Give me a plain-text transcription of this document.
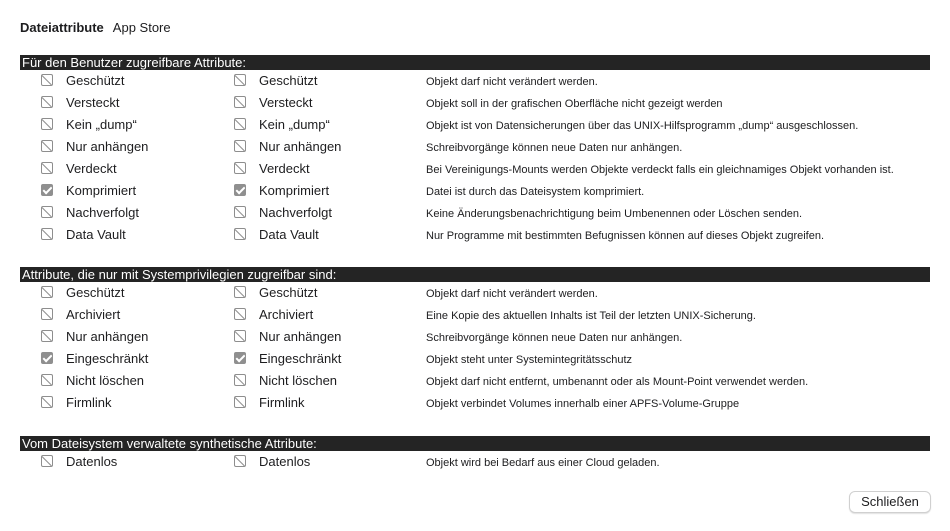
Dateiattribute App Store
Für den Benutzer zugreifbare Attribute:
Geschützt	Geschützt	Objekt darf nicht verändert werden.
Versteckt	Versteckt	Objekt soll in der grafischen Oberfläche nicht gezeigt werden
Kein „dump“	Kein „dump“	Objekt ist von Datensicherungen über das UNIX-Hilfsprogramm „dump“ ausgeschlossen.
Nur anhängen	Nur anhängen	Schreibvorgänge können neue Daten nur anhängen.
Verdeckt	Verdeckt	Bei Vereinigungs-Mounts werden Objekte verdeckt falls ein gleichnamiges Objekt vorhanden ist.
Komprimiert	Komprimiert	Datei ist durch das Dateisystem komprimiert.
Nachverfolgt	Nachverfolgt	Keine Änderungsbenachrichtigung beim Umbenennen oder Löschen senden.
Data Vault	Data Vault	Nur Programme mit bestimmten Befugnissen können auf dieses Objekt zugreifen.
Attribute, die nur mit Systemprivilegien zugreifbar sind:
Geschützt	Geschützt	Objekt darf nicht verändert werden.
Archiviert	Archiviert	Eine Kopie des aktuellen Inhalts ist Teil der letzten UNIX-Sicherung.
Nur anhängen	Nur anhängen	Schreibvorgänge können neue Daten nur anhängen.
Eingeschränkt	Eingeschränkt	Objekt steht unter Systemintegritätsschutz
Nicht löschen	Nicht löschen	Objekt darf nicht entfernt, umbenannt oder als Mount-Point verwendet werden.
Firmlink	Firmlink	Objekt verbindet Volumes innerhalb einer APFS-Volume-Gruppe
Vom Dateisystem verwaltete synthetische Attribute:
Datenlos	Datenlos	Objekt wird bei Bedarf aus einer Cloud geladen.
Schließen
